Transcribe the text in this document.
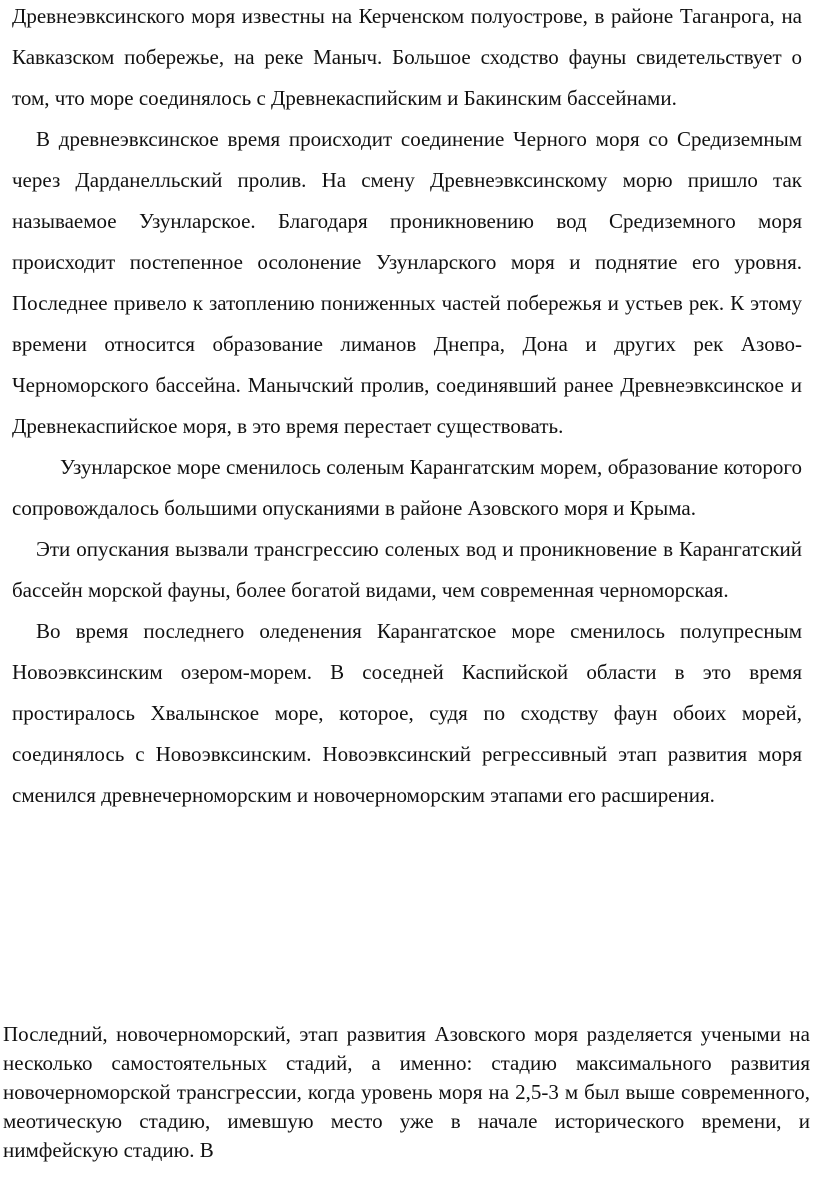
Древнеэвксинского моря известны на Керченском полуострове, в районе Таганрога, на Кавказском побережье, на реке Маныч. Большое сходство фауны свидетельствует о том, что море соединялось с Древнекаспийским и Бакинским бассейнами.

В древнеэвксинское время происходит соединение Черного моря со Средиземным через Дарданелльский пролив. На смену Древнеэвксинскому морю пришло так называемое Узунларское. Благодаря проникновению вод Средиземного моря происходит постепенное осолонение Узунларского моря и поднятие его уровня. Последнее привело к затоплению пониженных частей побережья и устьев рек. К этому времени относится образование лиманов Днепра, Дона и других рек Азово-Черноморского бассейна. Манычский пролив, соединявший ранее Древнеэвксинское и Древнекаспийское моря, в это время перестает существовать.

Узунларское море сменилось соленым Карангатским морем, образование которого сопровождалось большими опусканиями в районе Азовского моря и Крыма.

Эти опускания вызвали трансгрессию соленых вод и проникновение в Карангатский бассейн морской фауны, более богатой видами, чем современная черноморская.

Во время последнего оледенения Карангатское море сменилось полупресным Новоэвксинским озером-морем. В соседней Каспийской области в это время простиралось Хвалынское море, которое, судя по сходству фаун обоих морей, соединялось с Новоэвксинским. Новоэвксинский регрессивный этап развития моря сменился древнечерноморским и новочерноморским этапами его расширения.

Последний, новочерноморский, этап развития Азовского моря разделяется учеными на несколько самостоятельных стадий, а именно: стадию максимального развития новочерноморской трансгрессии, когда уровень моря на 2,5-3 м был выше современного, меотическую стадию, имевшую место уже в начале исторического времени, и нимфейскую стадию. В
